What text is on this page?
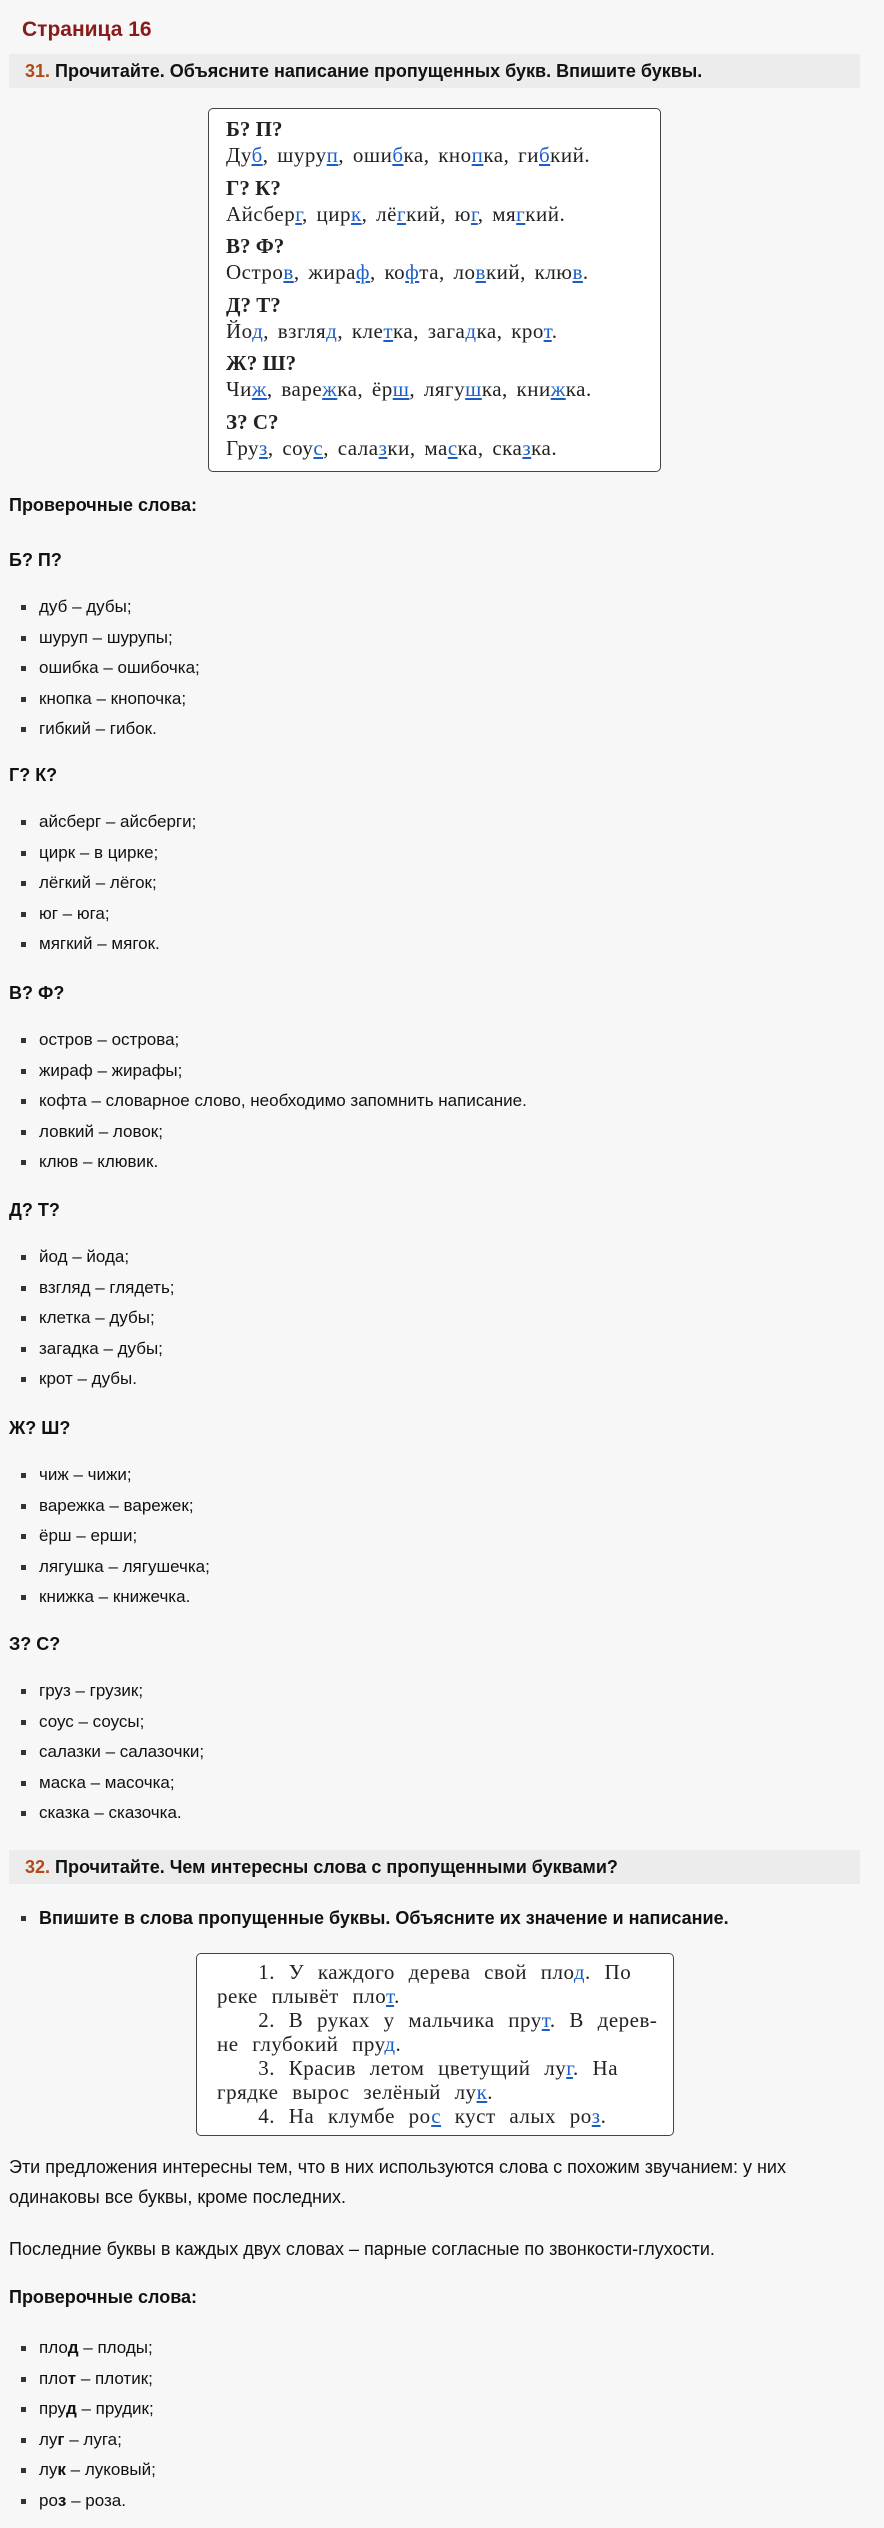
Страница 16
31. Прочитайте. Объясните написание пропущенных букв. Впишите буквы.
Б? П?
Дуб, шуруп, ошибка, кнопка, гибкий.
Г? К?
Айсберг, цирк, лёгкий, юг, мягкий.
В? Ф?
Остров, жираф, кофта, ловкий, клюв.
Д? Т?
Йод, взгляд, клетка, загадка, крот.
Ж? Ш?
Чиж, ваpежка, ёрш, лягушка, книжка.
З? С?
Груз, соус, салазки, маска, сказка.
Проверочные слова:
Б? П?
дуб – дубы;
шуруп – шурупы;
ошибка – ошибочка;
кнопка – кнопочка;
гибкий – гибок.
Г? К?
айсберг – айсберги;
цирк – в цирке;
лёгкий – лёгок;
юг – юга;
мягкий – мягок.
В? Ф?
остров – острова;
жираф – жирафы;
кофта – словарное слово, необходимо запомнить написание.
ловкий – ловок;
клюв – клювик.
Д? Т?
йод – йода;
взгляд – глядеть;
клетка – дубы;
загадка – дубы;
крот – дубы.
Ж? Ш?
чиж – чижи;
варежка – варежек;
ёрш – ерши;
лягушка – лягушечка;
книжка – книжечка.
З? С?
груз – грузик;
соус – соусы;
салазки – салазочки;
маска – масочка;
сказка – сказочка.
32. Прочитайте. Чем интересны слова с пропущенными буквами?
Впишите в слова пропущенные буквы. Объясните их значение и написание.
1. У каждого дерева свой плод. По
реке плывёт плот.
2. В руках у мальчика прут. В дерев-
не глубокий пруд.
3. Красив летом цветущий луг. На
грядке вырос зелёный лук.
4. На клумбе рос куст алых роз.

Эти предложения интересны тем, что в них используются слова с похожим звучанием: у них одинаковы все буквы, кроме последних.

Последние буквы в каждых двух словах – парные согласные по звонкости-глухости.

Проверочные слова:
плод – плоды;
плот – плотик;
пруд – прудик;
луг – луга;
лук – луковый;
роз – роза.
